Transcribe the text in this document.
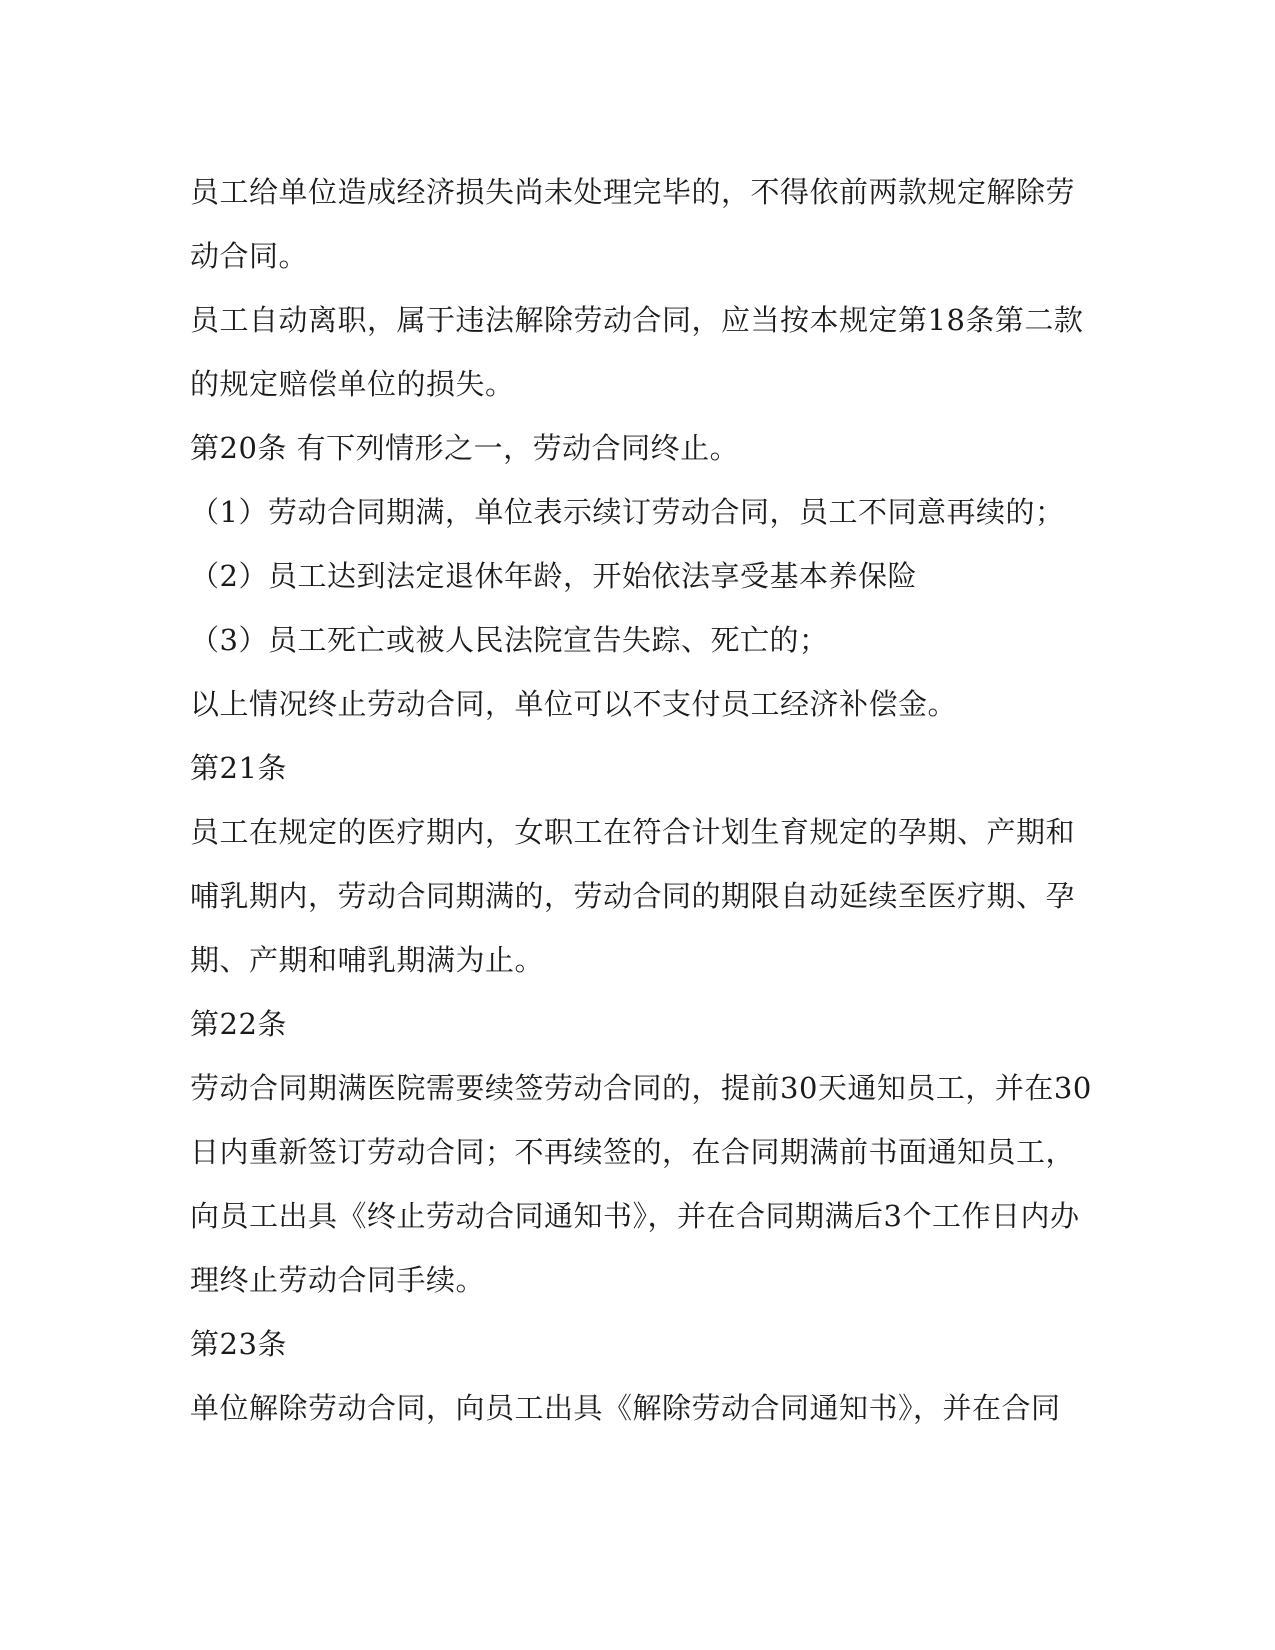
员工给单位造成经济损失尚未处理完毕的，不得依前两款规定解除劳
动合同。
员工自动离职，属于违法解除劳动合同，应当按本规定第18条第二款
的规定赔偿单位的损失。
第20条 有下列情形之一，劳动合同终止。
（1）劳动合同期满，单位表示续订劳动合同，员工不同意再续的；
（2）员工达到法定退休年龄，开始依法享受基本养保险
（3）员工死亡或被人民法院宣告失踪、死亡的；
以上情况终止劳动合同，单位可以不支付员工经济补偿金。
第21条
员工在规定的医疗期内，女职工在符合计划生育规定的孕期、产期和
哺乳期内，劳动合同期满的，劳动合同的期限自动延续至医疗期、孕
期、产期和哺乳期满为止。
第22条
劳动合同期满医院需要续签劳动合同的，提前30天通知员工，并在30
日内重新签订劳动合同；不再续签的，在合同期满前书面通知员工，
向员工出具《终止劳动合同通知书》，并在合同期满后3个工作日内办
理终止劳动合同手续。
第23条
单位解除劳动合同，向员工出具《解除劳动合同通知书》，并在合同
